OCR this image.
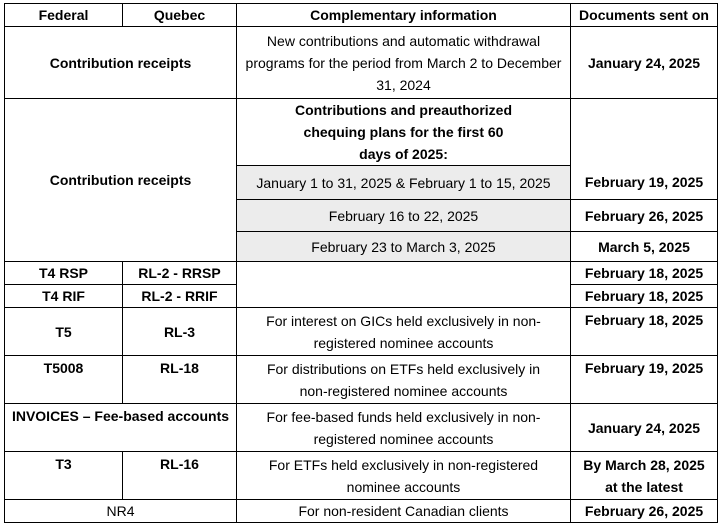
Federal	Quebec	Complementary information	Documents sent on
Contribution receipts		New contributions and automatic withdrawal programs for the period from March 2 to December 31, 2024	January 24, 2025
Contribution receipts		Contributions and preauthorized chequing plans for the first 60 days of 2025:	
		January 1 to 31, 2025 & February 1 to 15, 2025	February 19, 2025
		February 16 to 22, 2025	February 26, 2025
		February 23 to March 3, 2025	March 5, 2025
T4 RSP	RL-2 - RRSP		February 18, 2025
T4 RIF	RL-2 - RRIF		February 18, 2025
T5	RL-3	For interest on GICs held exclusively in non-registered nominee accounts	February 18, 2025
T5008	RL-18	For distributions on ETFs held exclusively in non-registered nominee accounts	February 19, 2025
INVOICES – Fee-based accounts		For fee-based funds held exclusively in non-registered nominee accounts	January 24, 2025
T3	RL-16	For ETFs held exclusively in non-registered nominee accounts	By March 28, 2025 at the latest
NR4		For non-resident Canadian clients	February 26, 2025
